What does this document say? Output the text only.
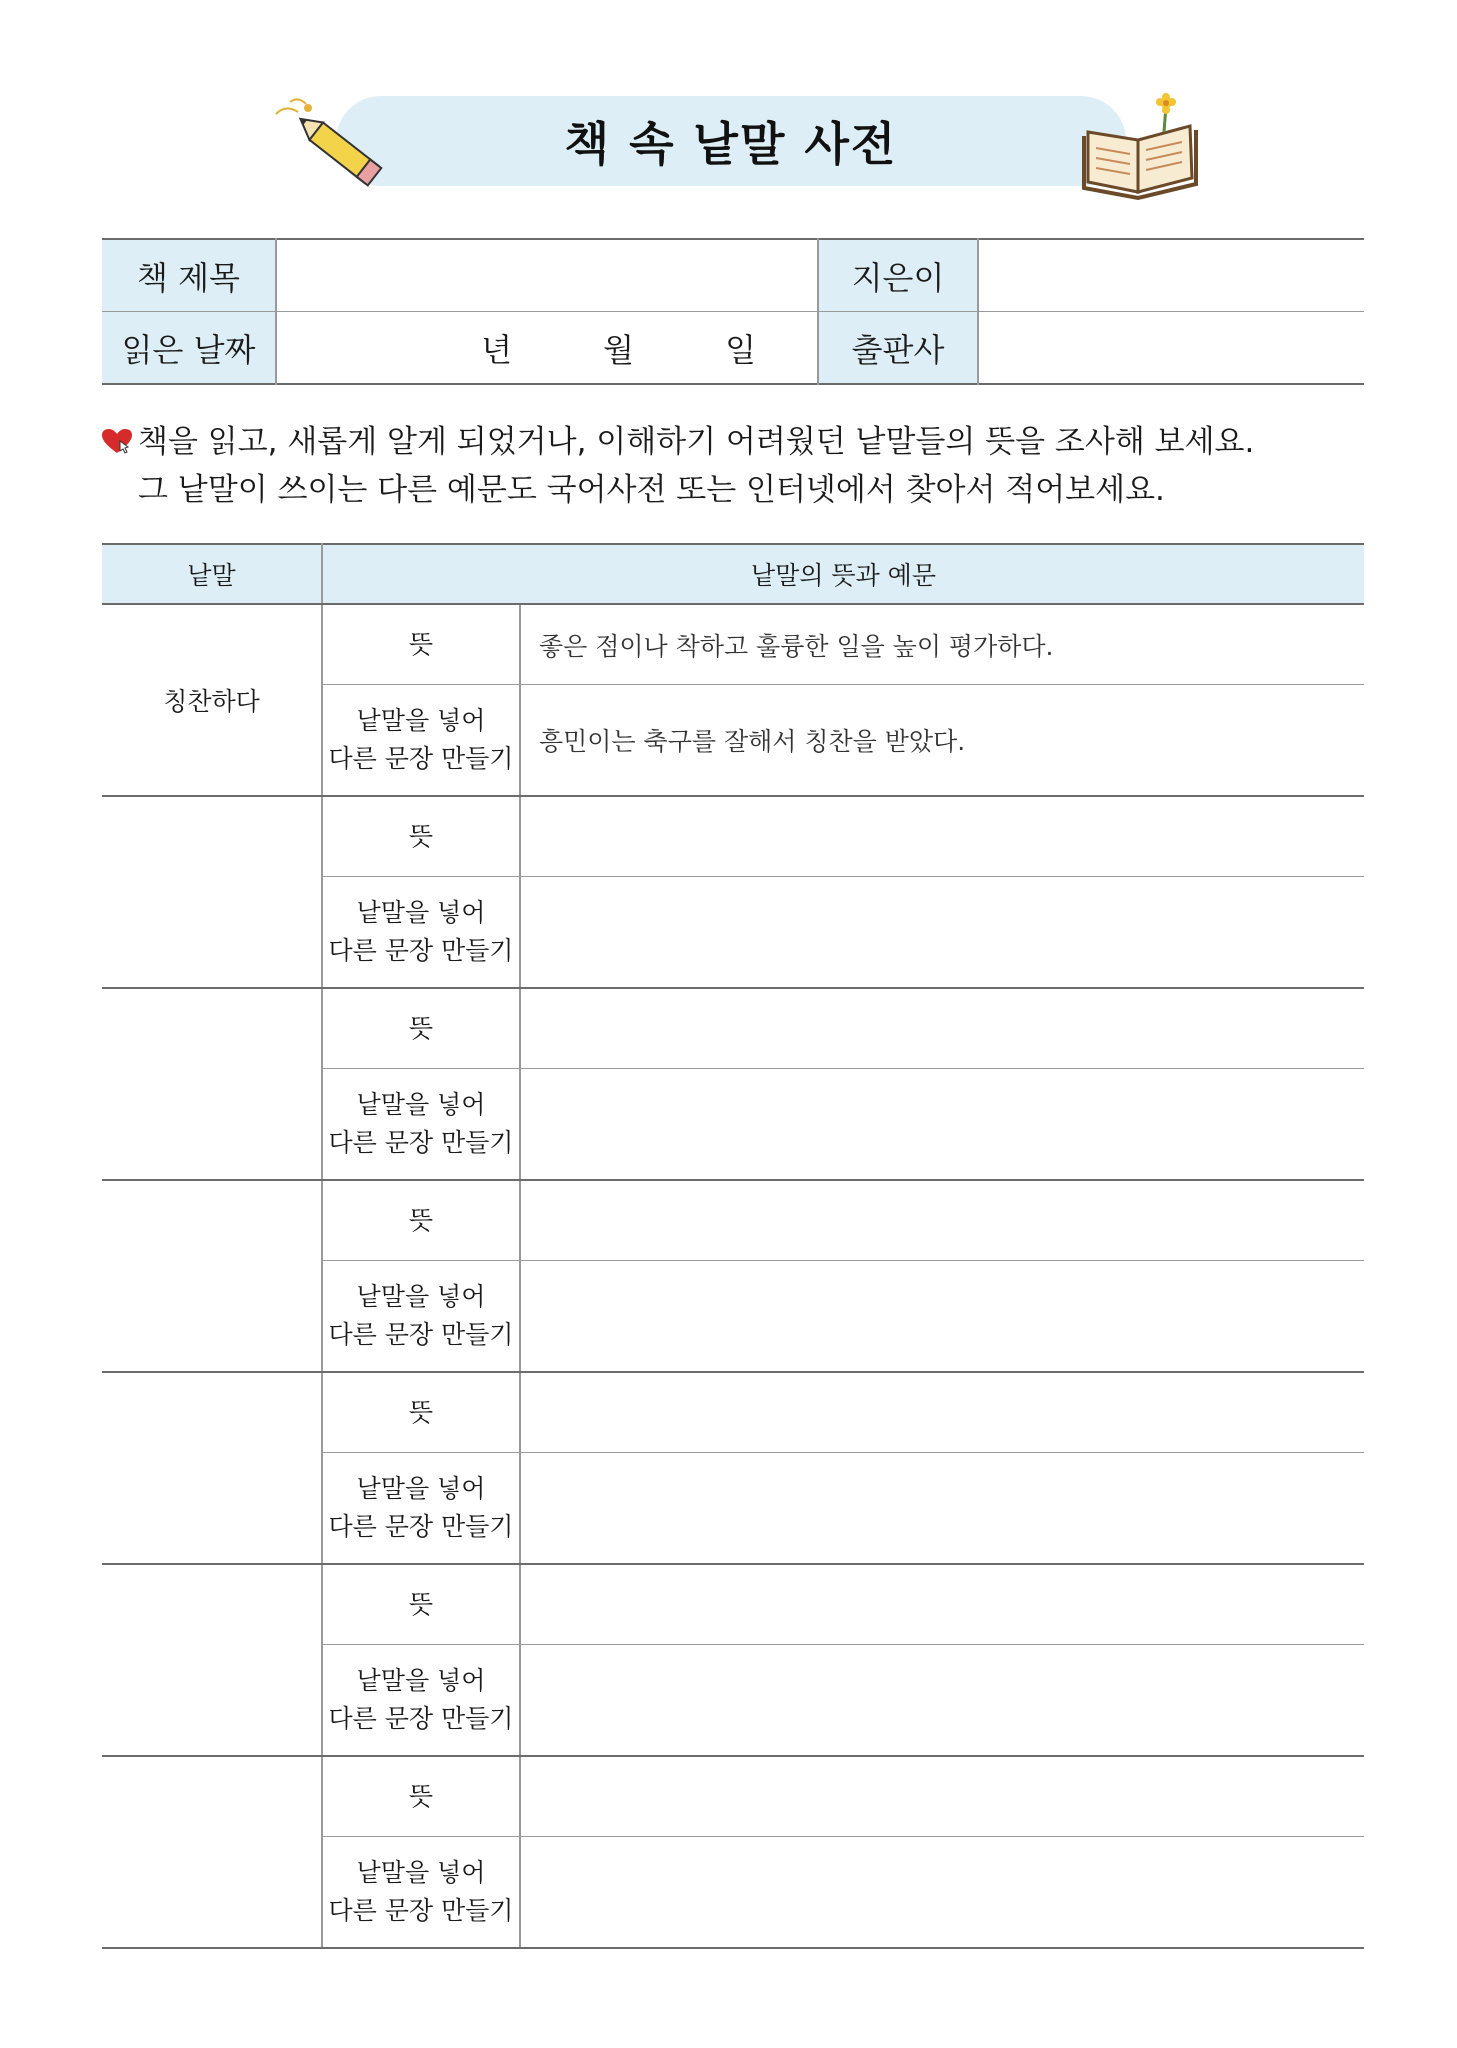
책 속 낱말 사전
책 제목		지은이	
읽은 날짜	년 월 일	출판사	
책을 읽고, 새롭게 알게 되었거나, 이해하기 어려웠던 낱말들의 뜻을 조사해 보세요.
그 낱말이 쓰이는 다른 예문도 국어사전 또는 인터넷에서 찾아서 적어보세요.
낱말	낱말의 뜻과 예문	
칭찬하다	뜻	좋은 점이나 착하고 훌륭한 일을 높이 평가하다.

	낱말을 넣어
다른 문장 만들기	흥민이는 축구를 잘해서 칭찬을 받았다.
	뜻	

	낱말을 넣어
다른 문장 만들기	

	뜻	

	낱말을 넣어
다른 문장 만들기	

	뜻	

	낱말을 넣어
다른 문장 만들기	

	뜻	

	낱말을 넣어
다른 문장 만들기	

	뜻	

	낱말을 넣어
다른 문장 만들기	

	뜻	

	낱말을 넣어
다른 문장 만들기	
